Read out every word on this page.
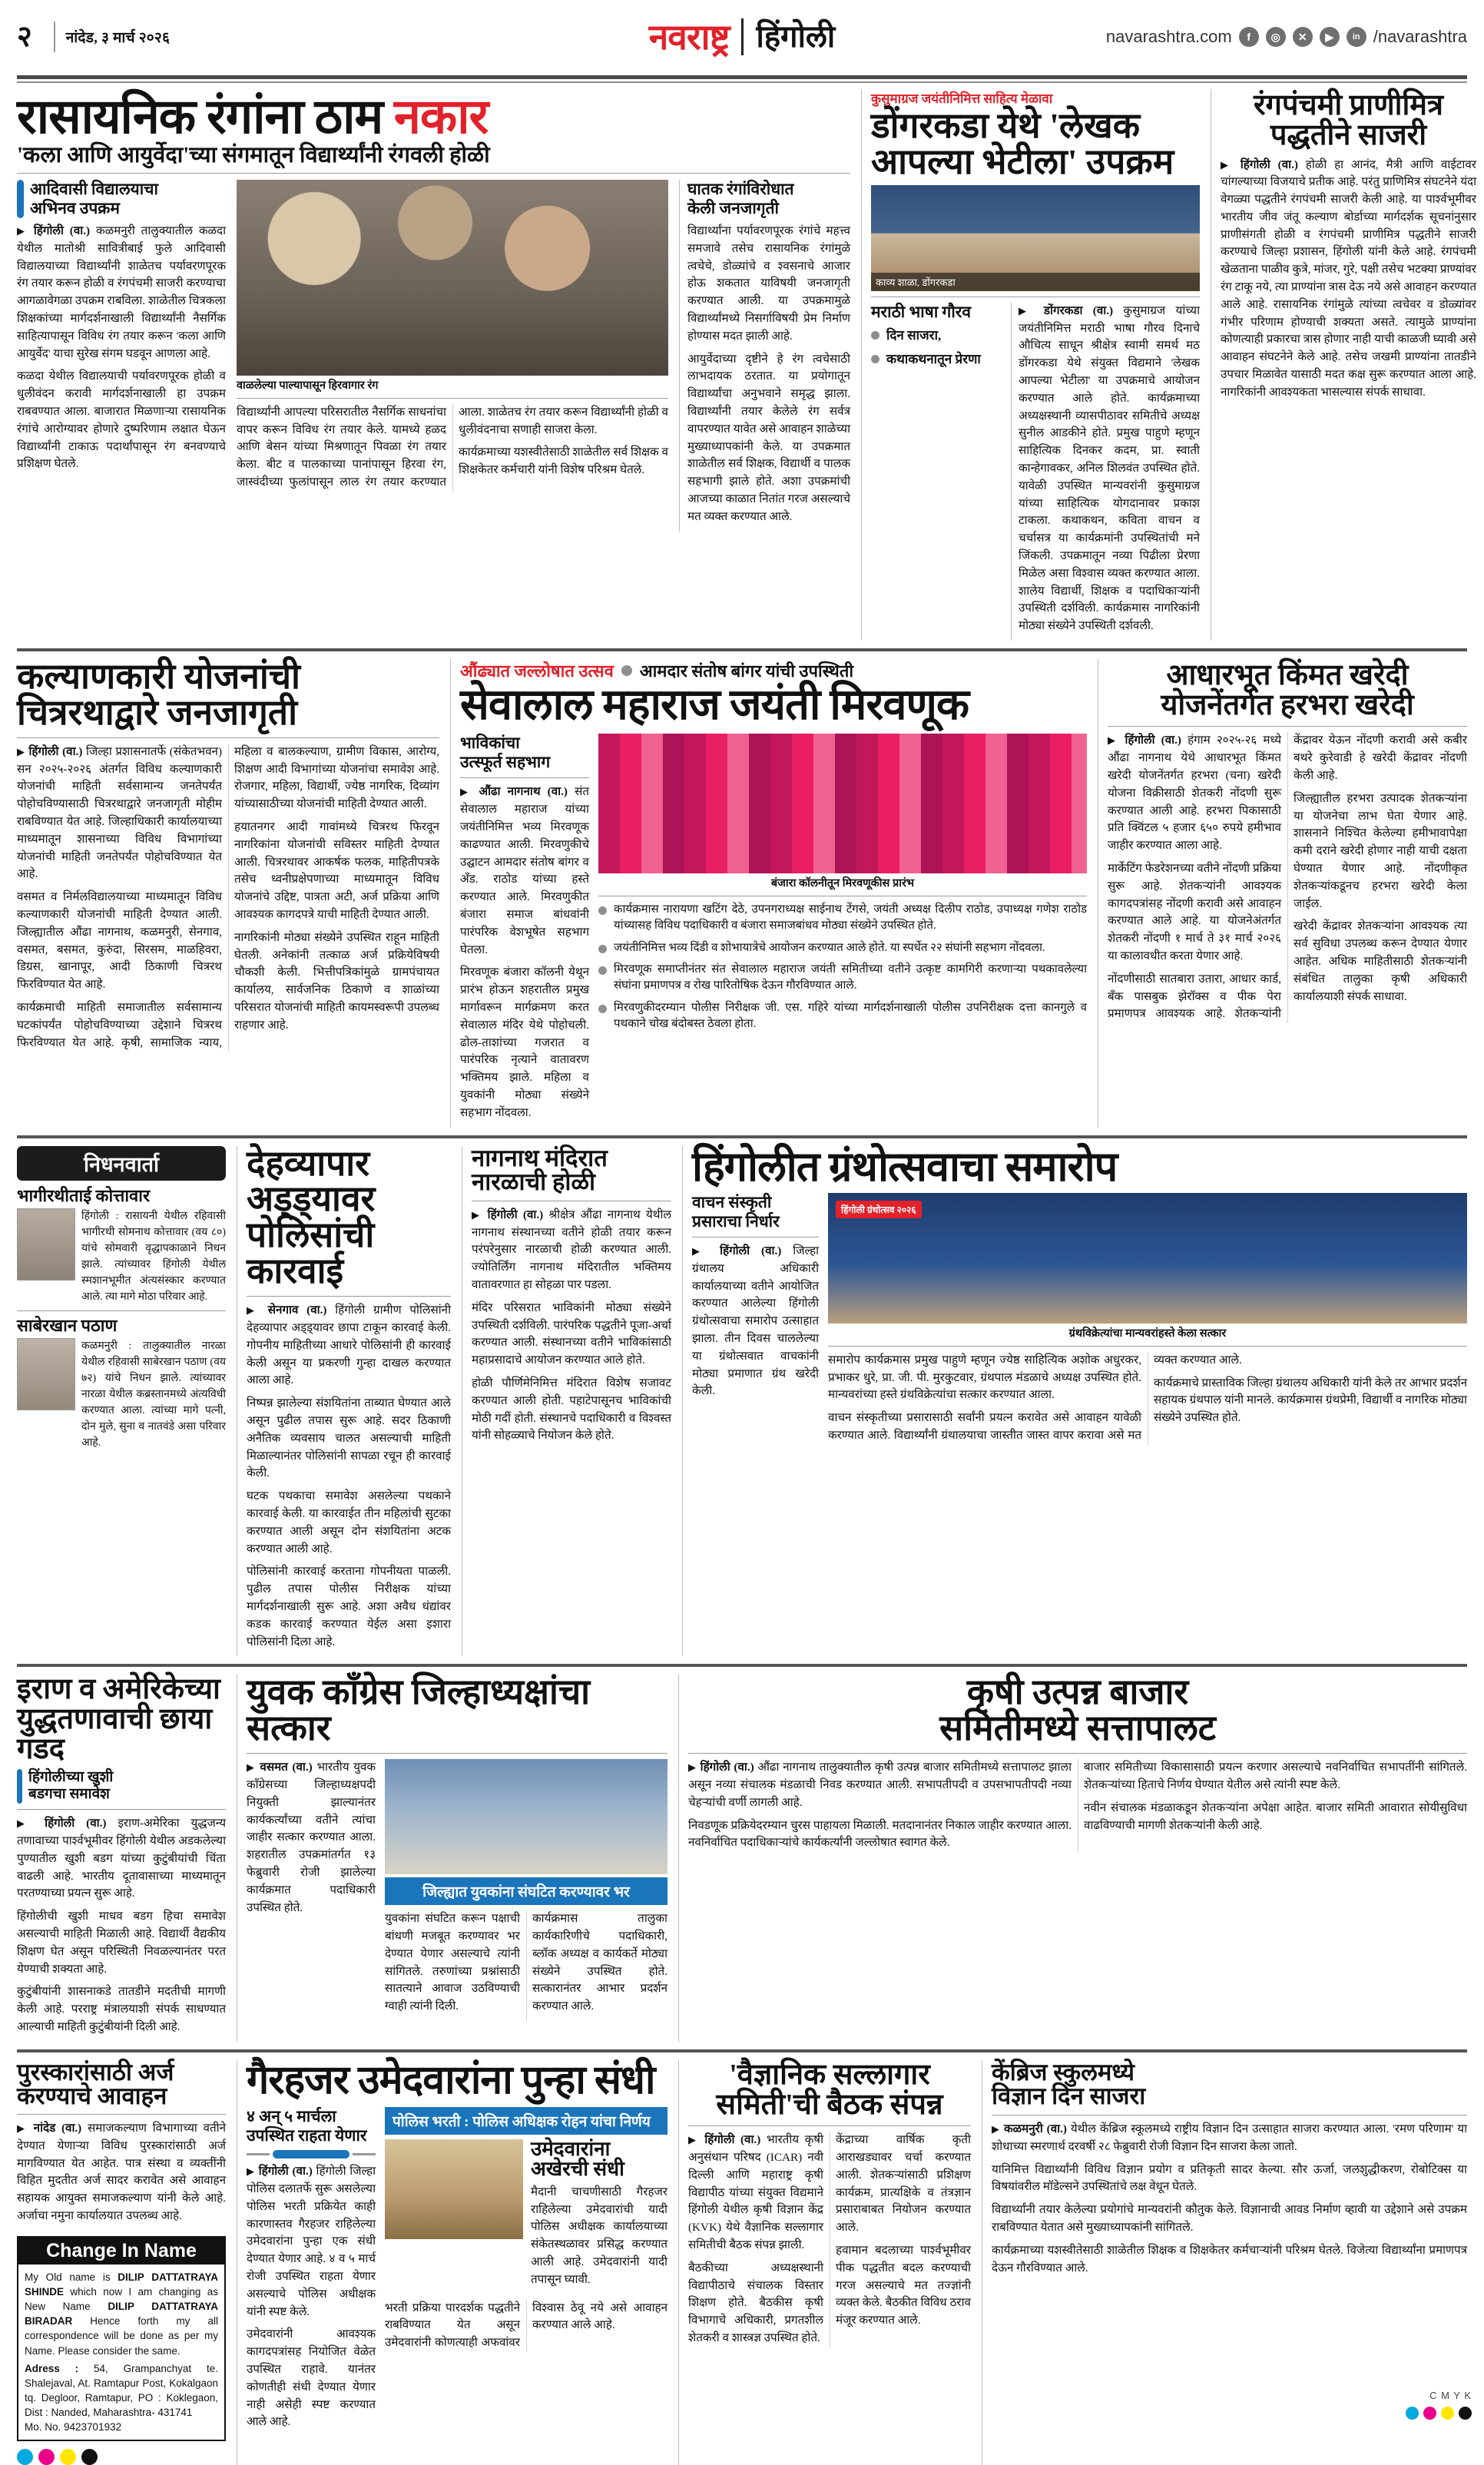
२	नांदेड, ३ मार्च २०२६	नवराष्ट्र हिंगोली	navarashtra.com	f	◎	✕	▶	in /navarashtra
रासायनिक रंगांना ठाम नकार
'कला आणि आयुर्वेदा'च्या संगमातून विद्यार्थ्यांनी रंगवली होळी
आदिवासी विद्यालयाचा
अभिनव उपक्रम

▶ हिंगोली (वा.) कळमनुरी तालुक्यातील कळदा येथील मातोश्री सावित्रीबाई फुले आदिवासी विद्यालयाच्या विद्यार्थ्यांनी शाळेतच पर्यावरणपूरक रंग तयार करून होळी व रंगपंचमी साजरी करण्याचा आगळावेगळा उपक्रम राबविला. शाळेतील चित्रकला शिक्षकांच्या मार्गदर्शनाखाली विद्यार्थ्यांनी नैसर्गिक साहित्यापासून विविध रंग तयार करून 'कला आणि आयुर्वेद' याचा सुरेख संगम घडवून आणला आहे.

कळदा येथील विद्यालयाची पर्यावरणपूरक होळी व धुलीवंदन करावी मार्गदर्शनाखाली हा उपक्रम राबवण्यात आला. बाजारात मिळणाऱ्या रासायनिक रंगांचे आरोग्यावर होणारे दुष्परिणाम लक्षात घेऊन विद्यार्थ्यांनी टाकाऊ पदार्थांपासून रंग बनवण्याचे प्रशिक्षण घेतले.

वाळलेल्या पाल्यापासून हिरवागार रंग

विद्यार्थ्यांनी आपल्या परिसरातील नैसर्गिक साधनांचा वापर करून विविध रंग तयार केले. यामध्ये हळद आणि बेसन यांच्या मिश्रणातून पिवळा रंग तयार केला. बीट व पालकाच्या पानांपासून हिरवा रंग, जास्वंदीच्या फुलांपासून लाल रंग तयार करण्यात आला. शाळेतच रंग तयार करून विद्यार्थ्यांनी होळी व धुलीवंदनाचा सणाही साजरा केला.

कार्यक्रमाच्या यशस्वीतेसाठी शाळेतील सर्व शिक्षक व शिक्षकेतर कर्मचारी यांनी विशेष परिश्रम घेतले.

घातक रंगांविरोधात
केली जनजागृती

विद्यार्थ्यांना पर्यावरणपूरक रंगांचे महत्त्व समजावे तसेच रासायनिक रंगांमुळे त्वचेचे, डोळ्यांचे व श्वसनाचे आजार होऊ शकतात याविषयी जनजागृती करण्यात आली. या उपक्रमामुळे विद्यार्थ्यांमध्ये निसर्गाविषयी प्रेम निर्माण होण्यास मदत झाली आहे.

आयुर्वेदाच्या दृष्टीने हे रंग त्वचेसाठी लाभदायक ठरतात. या प्रयोगातून विद्यार्थ्यांचा अनुभवाने समृद्ध झाला. विद्यार्थ्यांनी तयार केलेले रंग सर्वत्र वापरण्यात यावेत असे आवाहन शाळेच्या मुख्याध्यापकांनी केले. या उपक्रमात शाळेतील सर्व शिक्षक, विद्यार्थी व पालक सहभागी झाले होते. अशा उपक्रमांची आजच्या काळात नितांत गरज असल्याचे मत व्यक्त करण्यात आले.

कुसुमाग्रज जयंतीनिमित्त साहित्य मेळावा
डोंगरकडा येथे 'लेखक
आपल्या भेटीला' उपक्रम
काव्य शाळा, डोंगरकडा
मराठी भाषा गौरव
दिन साजरा,
कथाकथनातून प्रेरणा

▶ डोंगरकडा (वा.) कुसुमाग्रज यांच्या जयंतीनिमित्त मराठी भाषा गौरव दिनाचे औचित्य साधून श्रीक्षेत्र स्वामी समर्थ मठ डोंगरकडा येथे संयुक्त विद्यमाने 'लेखक आपल्या भेटीला' या उपक्रमाचे आयोजन करण्यात आले होते. कार्यक्रमाच्या अध्यक्षस्थानी व्यासपीठावर समितीचे अध्यक्ष सुनील आडकीने होते. प्रमुख पाहुणे म्हणून साहित्यिक दिनकर कदम, प्रा. स्वाती कान्हेगावकर, अनिल शिलवंत उपस्थित होते. यावेळी उपस्थित मान्यवरांनी कुसुमाग्रज यांच्या साहित्यिक योगदानावर प्रकाश टाकला. कथाकथन, कविता वाचन व चर्चासत्र या कार्यक्रमांनी उपस्थितांची मने जिंकली. उपक्रमातून नव्या पिढीला प्रेरणा मिळेल असा विश्वास व्यक्त करण्यात आला. शालेय विद्यार्थी, शिक्षक व पदाधिकाऱ्यांनी उपस्थिती दर्शविली. कार्यक्रमास नागरिकांनी मोठ्या संख्येने उपस्थिती दर्शवली.

रंगपंचमी प्राणीमित्र
पद्धतीने साजरी

▶ हिंगोली (वा.) होळी हा आनंद, मैत्री आणि वाईटावर चांगल्याच्या विजयाचे प्रतीक आहे. परंतु प्राणिमित्र संघटनेने यंदा वेगळ्या पद्धतीने रंगपंचमी साजरी केली आहे. या पार्श्वभूमीवर भारतीय जीव जंतू कल्याण बोर्डाच्या मार्गदर्शक सूचनांनुसार प्राणीसंगती होळी व रंगपंचमी प्राणीमित्र पद्धतीने साजरी करण्याचे जिल्हा प्रशासन, हिंगोली यांनी केले आहे. रंगपंचमी खेळताना पाळीव कुत्रे, मांजर, गुरे, पक्षी तसेच भटक्या प्राण्यांवर रंग टाकू नये, त्या प्राण्यांना त्रास देऊ नये असे आवाहन करण्यात आले आहे. रासायनिक रंगांमुळे त्यांच्या त्वचेवर व डोळ्यांवर गंभीर परिणाम होण्याची शक्यता असते. त्यामुळे प्राण्यांना कोणत्याही प्रकारचा त्रास होणार नाही याची काळजी घ्यावी असे आवाहन संघटनेने केले आहे. तसेच जखमी प्राण्यांना तातडीने उपचार मिळावेत यासाठी मदत कक्ष सुरू करण्यात आला आहे. नागरिकांनी आवश्यकता भासल्यास संपर्क साधावा.

कल्याणकारी योजनांची
चित्ररथाद्वारे जनजागृती

▶ हिंगोली (वा.) जिल्हा प्रशासनातर्फे (संकेतभवन) सन २०२५-२०२६ अंतर्गत विविध कल्याणकारी योजनांची माहिती सर्वसामान्य जनतेपर्यंत पोहोचविण्यासाठी चित्ररथाद्वारे जनजागृती मोहीम राबविण्यात येत आहे. जिल्हाधिकारी कार्यालयाच्या माध्यमातून शासनाच्या विविध विभागांच्या योजनांची माहिती जनतेपर्यंत पोहोचविण्यात येत आहे.

वसमत व निर्मलविद्यालयाच्या माध्यमातून विविध कल्याणकारी योजनांची माहिती देण्यात आली. जिल्ह्यातील औंढा नागनाथ, कळमनुरी, सेनगाव, वसमत, बसमत, कुरुंदा, सिरसम, माळहिवरा, डिग्रस, खानापूर, आदी ठिकाणी चित्ररथ फिरविण्यात येत आहे.

कार्यक्रमाची माहिती समाजातील सर्वसामान्य घटकांपर्यंत पोहोचविण्याच्या उद्देशाने चित्ररथ फिरविण्यात येत आहे. कृषी, सामाजिक न्याय, महिला व बालकल्याण, ग्रामीण विकास, आरोग्य, शिक्षण आदी विभागांच्या योजनांचा समावेश आहे. रोजगार, महिला, विद्यार्थी, ज्येष्ठ नागरिक, दिव्यांग यांच्यासाठीच्या योजनांची माहिती देण्यात आली.

हयातनगर आदी गावांमध्ये चित्ररथ फिरवून नागरिकांना योजनांची सविस्तर माहिती देण्यात आली. चित्ररथावर आकर्षक फलक, माहितीपत्रके तसेच ध्वनीप्रक्षेपणाच्या माध्यमातून विविध योजनांचे उद्दिष्ट, पात्रता अटी, अर्ज प्रक्रिया आणि आवश्यक कागदपत्रे याची माहिती देण्यात आली.

नागरिकांनी मोठ्या संख्येने उपस्थित राहून माहिती घेतली. अनेकांनी तत्काळ अर्ज प्रक्रियेविषयी चौकशी केली. भित्तीपत्रिकांमुळे ग्रामपंचायत कार्यालय, सार्वजनिक ठिकाणे व शाळांच्या परिसरात योजनांची माहिती कायमस्वरूपी उपलब्ध राहणार आहे.

औंढ्यात जल्लोषात उत्सव आमदार संतोष बांगर यांची उपस्थिती
सेवालाल महाराज जयंती मिरवणूक
भाविकांचा
उत्स्फूर्त सहभाग

▶ औंढा नागनाथ (वा.) संत सेवालाल महाराज यांच्या जयंतीनिमित्त भव्य मिरवणूक काढण्यात आली. मिरवणुकीचे उद्घाटन आमदार संतोष बांगर व अँड. राठोड यांच्या हस्ते करण्यात आले. मिरवणुकीत बंजारा समाज बांधवांनी पारंपरिक वेशभूषेत सहभाग घेतला.

मिरवणूक बंजारा कॉलनी येथून प्रारंभ होऊन शहरातील प्रमुख मार्गावरून मार्गक्रमण करत सेवालाल मंदिर येथे पोहोचली. ढोल-ताशांच्या गजरात व पारंपरिक नृत्याने वातावरण भक्तिमय झाले. महिला व युवकांनी मोठ्या संख्येने सहभाग नोंदवला.

बंजारा कॉलनीतून मिरवणूकीस प्रारंभ
कार्यक्रमास नारायणा खटिंग देठे, उपनगराध्यक्ष साईनाथ टेंगसे, जयंती अध्यक्ष दिलीप राठोड, उपाध्यक्ष गणेश राठोड यांच्यासह विविध पदाधिकारी व बंजारा समाजबांधव मोठ्या संख्येने उपस्थित होते.
जयंतीनिमित्त भव्य दिंडी व शोभायात्रेचे आयोजन करण्यात आले होते. या स्पर्धेत २२ संघांनी सहभाग नोंदवला.
मिरवणूक समाप्तीनंतर संत सेवालाल महाराज जयंती समितीच्या वतीने उत्कृष्ट कामगिरी करणाऱ्या पथकावलेल्या संघांना प्रमाणपत्र व रोख पारितोषिक देऊन गौरविण्यात आले.
मिरवणुकीदरम्यान पोलीस निरीक्षक जी. एस. गहिरे यांच्या मार्गदर्शनाखाली पोलीस उपनिरीक्षक दत्ता कानगुले व पथकाने चोख बंदोबस्त ठेवला होता.
आधारभूत किंमत खरेदी
योजनेंतर्गत हरभरा खरेदी

▶ हिंगोली (वा.) हंगाम २०२५-२६ मध्ये औंढा नागनाथ येथे आधारभूत किंमत खरेदी योजनेंतर्गत हरभरा (चना) खरेदी योजना विक्रीसाठी शेतकरी नोंदणी सुरू करण्यात आली आहे. हरभरा पिकासाठी प्रति क्विंटल ५ हजार ६५० रुपये हमीभाव जाहीर करण्यात आला आहे.

मार्केटिंग फेडरेशनच्या वतीने नोंदणी प्रक्रिया सुरू आहे. शेतकऱ्यांनी आवश्यक कागदपत्रांसह नोंदणी करावी असे आवाहन करण्यात आले आहे. या योजनेअंतर्गत शेतकरी नोंदणी १ मार्च ते ३१ मार्च २०२६ या कालावधीत करता येणार आहे.

नोंदणीसाठी सातबारा उतारा, आधार कार्ड, बँक पासबुक झेरॉक्स व पीक पेरा प्रमाणपत्र आवश्यक आहे. शेतकऱ्यांनी केंद्रावर येऊन नोंदणी करावी असे कबीर बथरे कुरेवाडी हे खरेदी केंद्रावर नोंदणी केली आहे.

जिल्ह्यातील हरभरा उत्पादक शेतकऱ्यांना या योजनेचा लाभ घेता येणार आहे. शासनाने निश्चित केलेल्या हमीभावापेक्षा कमी दराने खरेदी होणार नाही याची दक्षता घेण्यात येणार आहे. नोंदणीकृत शेतकऱ्यांकडूनच हरभरा खरेदी केला जाईल.

खरेदी केंद्रावर शेतकऱ्यांना आवश्यक त्या सर्व सुविधा उपलब्ध करून देण्यात येणार आहेत. अधिक माहितीसाठी शेतकऱ्यांनी संबंधित तालुका कृषी अधिकारी कार्यालयाशी संपर्क साधावा.

निधनवार्ता
भागीरथीताई कोत्तावार
हिंगोली : रासायनी येथील रहिवासी भागीरथी सोमनाथ कोत्तावार (वय ८०) यांचे सोमवारी वृद्धापकाळाने निधन झाले. त्यांच्यावर हिंगोली येथील स्मशानभूमीत अंत्यसंस्कार करण्यात आले. त्या मागे मोठा परिवार आहे.
साबेरखान पठाण
कळमनुरी : तालुक्यातील नारळा येथील रहिवासी साबेरखान पठाण (वय ७२) यांचे निधन झाले. त्यांच्यावर नारळा येथील कब्रस्तानमध्ये अंत्यविधी करण्यात आला. त्यांच्या मागे पत्नी, दोन मुले, सुना व नातवंडे असा परिवार आहे.
देहव्यापार अड्ड्यावर
पोलिसांची कारवाई

▶ सेनगाव (वा.) हिंगोली ग्रामीण पोलिसांनी देहव्यापार अड्ड्यावर छापा टाकून कारवाई केली. गोपनीय माहितीच्या आधारे पोलिसांनी ही कारवाई केली असून या प्रकरणी गुन्हा दाखल करण्यात आला आहे.

निष्पन्न झालेल्या संशयितांना ताब्यात घेण्यात आले असून पुढील तपास सुरू आहे. सदर ठिकाणी अनैतिक व्यवसाय चालत असल्याची माहिती मिळाल्यानंतर पोलिसांनी सापळा रचून ही कारवाई केली.

घटक पथकाचा समावेश असलेल्या पथकाने कारवाई केली. या कारवाईत तीन महिलांची सुटका करण्यात आली असून दोन संशयितांना अटक करण्यात आली आहे.

पोलिसांनी कारवाई करताना गोपनीयता पाळली. पुढील तपास पोलीस निरीक्षक यांच्या मार्गदर्शनाखाली सुरू आहे. अशा अवैध धंद्यांवर कडक कारवाई करण्यात येईल असा इशारा पोलिसांनी दिला आहे.

नागनाथ मंदिरात
नारळाची होळी

▶ हिंगोली (वा.) श्रीक्षेत्र औंढा नागनाथ येथील नागनाथ संस्थानच्या वतीने होळी तयार करून परंपरेनुसार नारळाची होळी करण्यात आली. ज्योतिर्लिंग नागनाथ मंदिरातील भक्तिमय वातावरणात हा सोहळा पार पडला.

मंदिर परिसरात भाविकांनी मोठ्या संख्येने उपस्थिती दर्शविली. पारंपरिक पद्धतीने पूजा-अर्चा करण्यात आली. संस्थानच्या वतीने भाविकांसाठी महाप्रसादाचे आयोजन करण्यात आले होते.

होळी पौर्णिमेनिमित्त मंदिरात विशेष सजावट करण्यात आली होती. पहाटेपासूनच भाविकांची मोठी गर्दी होती. संस्थानचे पदाधिकारी व विश्वस्त यांनी सोहळ्याचे नियोजन केले होते.

हिंगोलीत ग्रंथोत्सवाचा समारोप
वाचन संस्कृती
प्रसाराचा निर्धार

▶ हिंगोली (वा.) जिल्हा ग्रंथालय अधिकारी कार्यालयाच्या वतीने आयोजित करण्यात आलेल्या हिंगोली ग्रंथोत्सवाचा समारोप उत्साहात झाला. तीन दिवस चाललेल्या या ग्रंथोत्सवात वाचकांनी मोठ्या प्रमाणात ग्रंथ खरेदी केली.

हिंगोली ग्रंथोत्सव २०२६
ग्रंथविक्रेत्यांचा मान्यवरांहस्ते केला सत्कार

समारोप कार्यक्रमास प्रमुख पाहुणे म्हणून ज्येष्ठ साहित्यिक अशोक अधुरकर, प्रभाकर धुरे, प्रा. जी. पी. मुरकुटवार, ग्रंथपाल मंडळाचे अध्यक्ष उपस्थित होते. मान्यवरांच्या हस्ते ग्रंथविक्रेत्यांचा सत्कार करण्यात आला.

वाचन संस्कृतीच्या प्रसारासाठी सर्वांनी प्रयत्न करावेत असे आवाहन यावेळी करण्यात आले. विद्यार्थ्यांनी ग्रंथालयाचा जास्तीत जास्त वापर करावा असे मत व्यक्त करण्यात आले.

कार्यक्रमाचे प्रास्ताविक जिल्हा ग्रंथालय अधिकारी यांनी केले तर आभार प्रदर्शन सहायक ग्रंथपाल यांनी मानले. कार्यक्रमास ग्रंथप्रेमी, विद्यार्थी व नागरिक मोठ्या संख्येने उपस्थित होते.

इराण व अमेरिकेच्या
युद्धतणावाची छाया गडद
हिंगोलीच्या खुशी
बडगचा समावेश

▶ हिंगोली (वा.) इराण-अमेरिका युद्धजन्य तणावाच्या पार्श्वभूमीवर हिंगोली येथील अडकलेल्या पुण्यातील खुशी बडग यांच्या कुटुंबीयांची चिंता वाढली आहे. भारतीय दूतावासाच्या माध्यमातून परतण्याच्या प्रयत्न सुरू आहे.

हिंगोलीची खुशी माधव बडग हिचा समावेश असल्याची माहिती मिळाली आहे. विद्यार्थी वैद्यकीय शिक्षण घेत असून परिस्थिती निवळल्यानंतर परत येण्याची शक्यता आहे.

कुटुंबीयांनी शासनाकडे तातडीने मदतीची मागणी केली आहे. परराष्ट्र मंत्रालयाशी संपर्क साधण्यात आल्याची माहिती कुटुंबीयांनी दिली आहे.

युवक काँग्रेस जिल्हाध्यक्षांचा सत्कार

▶ वसमत (वा.) भारतीय युवक काँग्रेसच्या जिल्हाध्यक्षपदी नियुक्ती झाल्यानंतर कार्यकर्त्यांच्या वतीने त्यांचा जाहीर सत्कार करण्यात आला. शहरातील उपक्रमांतर्गत १३ फेब्रुवारी रोजी झालेल्या कार्यक्रमात पदाधिकारी उपस्थित होते.

जिल्ह्यात युवकांना संघटित करण्यावर भर

युवकांना संघटित करून पक्षाची बांधणी मजबूत करण्यावर भर देण्यात येणार असल्याचे त्यांनी सांगितले. तरुणांच्या प्रश्नांसाठी सातत्याने आवाज उठविण्याची ग्वाही त्यांनी दिली.

कार्यक्रमास तालुका कार्यकारिणीचे पदाधिकारी, ब्लॉक अध्यक्ष व कार्यकर्ते मोठ्या संख्येने उपस्थित होते. सत्कारानंतर आभार प्रदर्शन करण्यात आले.

कृषी उत्पन्न बाजार
समितीमध्ये सत्तापालट

▶ हिंगोली (वा.) औंढा नागनाथ तालुक्यातील कृषी उत्पन्न बाजार समितीमध्ये सत्तापालट झाला असून नव्या संचालक मंडळाची निवड करण्यात आली. सभापतीपदी व उपसभापतीपदी नव्या चेहऱ्यांची वर्णी लागली आहे.

निवडणूक प्रक्रियेदरम्यान चुरस पाहायला मिळाली. मतदानानंतर निकाल जाहीर करण्यात आला. नवनिर्वाचित पदाधिकाऱ्यांचे कार्यकर्त्यांनी जल्लोषात स्वागत केले.

बाजार समितीच्या विकासासाठी प्रयत्न करणार असल्याचे नवनिर्वाचित सभापतींनी सांगितले. शेतकऱ्यांच्या हिताचे निर्णय घेण्यात येतील असे त्यांनी स्पष्ट केले.

नवीन संचालक मंडळाकडून शेतकऱ्यांना अपेक्षा आहेत. बाजार समिती आवारात सोयीसुविधा वाढविण्याची मागणी शेतकऱ्यांनी केली आहे.

पुरस्कारांसाठी अर्ज
करण्याचे आवाहन

▶ नांदेड (वा.) समाजकल्याण विभागाच्या वतीने देण्यात येणाऱ्या विविध पुरस्कारांसाठी अर्ज मागविण्यात येत आहेत. पात्र संस्था व व्यक्तींनी विहित मुदतीत अर्ज सादर करावेत असे आवाहन सहायक आयुक्त समाजकल्याण यांनी केले आहे. अर्जाचा नमुना कार्यालयात उपलब्ध आहे.

Change In Name
My Old name is DILIP DATTATRAYA SHINDE which now I am changing as New Name DILIP DATTATRAYA BIRADAR Hence forth my all correspondence will be done as per my Name. Please consider the same.
Adress : 54, Grampanchyat te. Shalejaval, At. Ramtapur Post, Kokalgaon tq. Degloor, Ramtapur, PO : Koklegaon, Dist : Nanded, Maharashtra- 431741
Mo. No. 9423701932
गैरहजर उमेदवारांना पुन्हा संधी
४ अन् ५ मार्चला
उपस्थित राहता येणार

▶ हिंगोली (वा.) हिंगोली जिल्हा पोलिस दलातर्फे सुरू असलेल्या पोलिस भरती प्रक्रियेत काही कारणास्तव गैरहजर राहिलेल्या उमेदवारांना पुन्हा एक संधी देण्यात येणार आहे. ४ व ५ मार्च रोजी उपस्थित राहता येणार असल्याचे पोलिस अधीक्षक यांनी स्पष्ट केले.

उमेदवारांनी आवश्यक कागदपत्रांसह नियोजित वेळेत उपस्थित राहावे. यानंतर कोणतीही संधी देण्यात येणार नाही असेही स्पष्ट करण्यात आले आहे.

पोलिस भरती : पोलिस अधिक्षक रोहन यांचा निर्णय
उमेदवारांना अखेरची संधी

मैदानी चाचणीसाठी गैरहजर राहिलेल्या उमेदवारांची यादी पोलिस अधीक्षक कार्यालयाच्या संकेतस्थळावर प्रसिद्ध करण्यात आली आहे. उमेदवारांनी यादी तपासून घ्यावी.

भरती प्रक्रिया पारदर्शक पद्धतीने राबविण्यात येत असून उमेदवारांनी कोणत्याही अफवांवर विश्वास ठेवू नये असे आवाहन करण्यात आले आहे.

'वैज्ञानिक सल्लागार
समिती'ची बैठक संपन्न

▶ हिंगोली (वा.) भारतीय कृषी अनुसंधान परिषद (ICAR) नवी दिल्ली आणि महाराष्ट्र कृषी विद्यापीठ यांच्या संयुक्त विद्यमाने हिंगोली येथील कृषी विज्ञान केंद्र (KVK) येथे वैज्ञानिक सल्लागार समितीची बैठक संपन्न झाली.

बैठकीच्या अध्यक्षस्थानी विद्यापीठाचे संचालक विस्तार शिक्षण होते. बैठकीस कृषी विभागाचे अधिकारी, प्रगतशील शेतकरी व शास्त्रज्ञ उपस्थित होते.

केंद्राच्या वार्षिक कृती आराखड्यावर चर्चा करण्यात आली. शेतकऱ्यांसाठी प्रशिक्षण कार्यक्रम, प्रात्यक्षिके व तंत्रज्ञान प्रसाराबाबत नियोजन करण्यात आले.

हवामान बदलाच्या पार्श्वभूमीवर पीक पद्धतीत बदल करण्याची गरज असल्याचे मत तज्ज्ञांनी व्यक्त केले. बैठकीत विविध ठराव मंजूर करण्यात आले.

केंब्रिज स्कुलमध्ये
विज्ञान दिन साजरा

▶ कळमनुरी (वा.) येथील केंब्रिज स्कूलमध्ये राष्ट्रीय विज्ञान दिन उत्साहात साजरा करण्यात आला. 'रमण परिणाम' या शोधाच्या स्मरणार्थ दरवर्षी २८ फेब्रुवारी रोजी विज्ञान दिन साजरा केला जातो.

यानिमित्त विद्यार्थ्यांनी विविध विज्ञान प्रयोग व प्रतिकृती सादर केल्या. सौर ऊर्जा, जलशुद्धीकरण, रोबोटिक्स या विषयांवरील मॉडेल्सने उपस्थितांचे लक्ष वेधून घेतले.

विद्यार्थ्यांनी तयार केलेल्या प्रयोगांचे मान्यवरांनी कौतुक केले. विज्ञानाची आवड निर्माण व्हावी या उद्देशाने असे उपक्रम राबविण्यात येतात असे मुख्याध्यापकांनी सांगितले.

कार्यक्रमाच्या यशस्वीतेसाठी शाळेतील शिक्षक व शिक्षकेतर कर्मचाऱ्यांनी परिश्रम घेतले. विजेत्या विद्यार्थ्यांना प्रमाणपत्र देऊन गौरविण्यात आले.

C M Y K
